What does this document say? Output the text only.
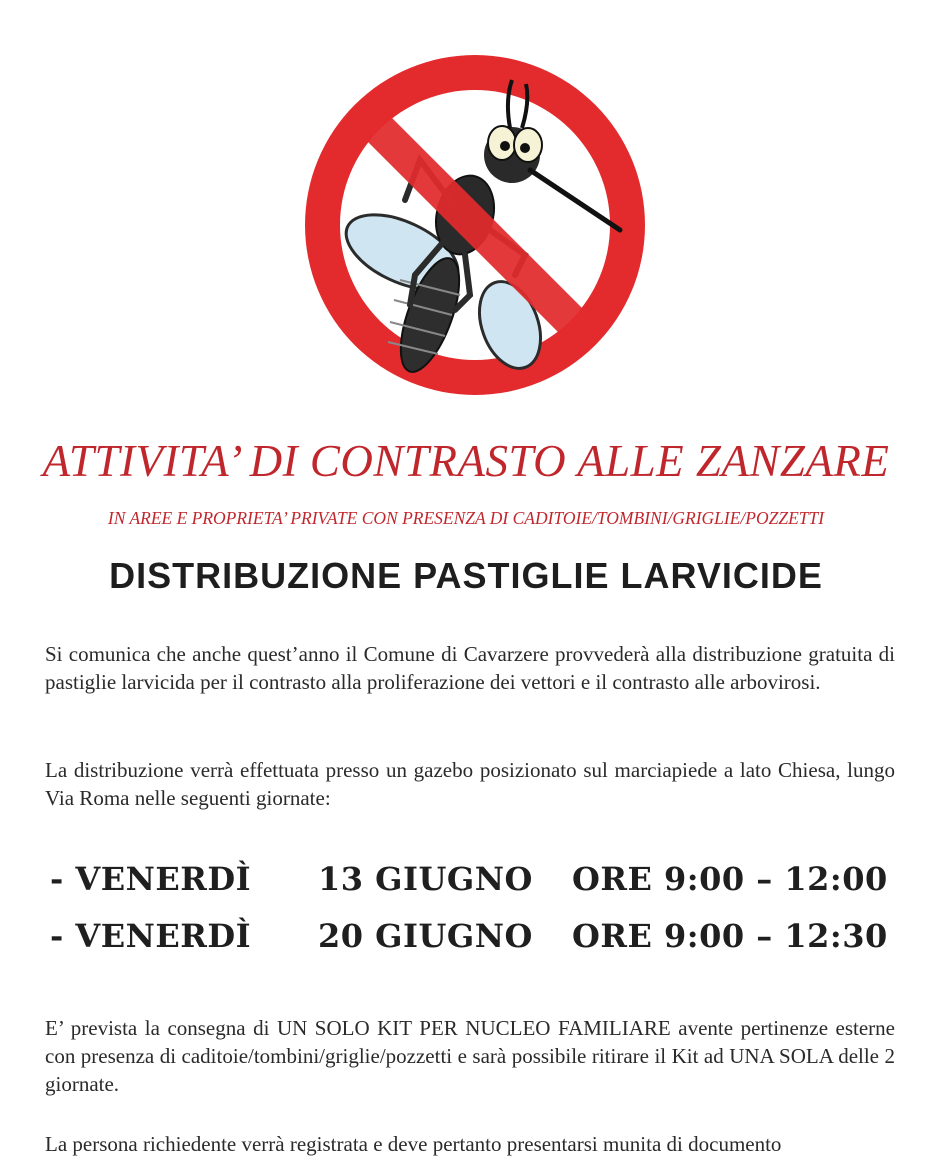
ATTIVITA’ DI CONTRASTO ALLE ZANZARE

IN AREE E PROPRIETA’ PRIVATE CON PRESENZA DI CADITOIE/TOMBINI/GRIGLIE/POZZETTI

DISTRIBUZIONE PASTIGLIE LARVICIDE

Si comunica che anche quest’anno il Comune di Cavarzere provvederà alla distribuzione gratuita di pastiglie larvicida per il contrasto alla proliferazione dei vettori e il contrasto alle arbovirosi.

La distribuzione verrà effettuata presso un gazebo posizionato sul marciapiede a lato Chiesa, lungo Via Roma nelle seguenti giornate:

- VENERDÌ 13 GIUGNO ORE 9:00 – 12:00
- VENERDÌ 20 GIUGNO ORE 9:00 – 12:30

E’ prevista la consegna di UN SOLO KIT PER NUCLEO FAMILIARE avente pertinenze esterne con presenza di caditoie/tombini/griglie/pozzetti e sarà possibile ritirare il Kit ad UNA SOLA delle 2 giornate.

La persona richiedente verrà registrata e deve pertanto presentarsi munita di documento
